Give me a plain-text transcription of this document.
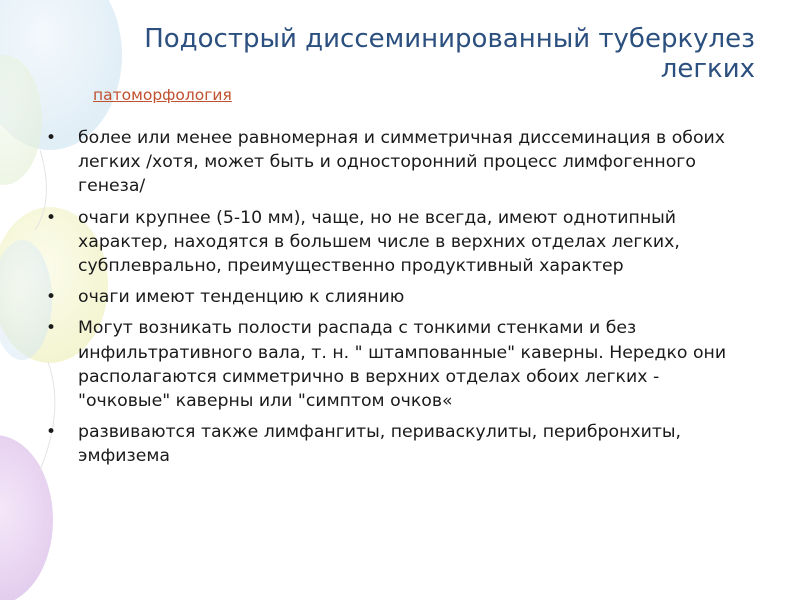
Подострый диссеминированный туберкулез легких
патоморфология
•	более или менее равномерная и симметричная диссеминация в обоих легких /хотя, может быть и односторонний процесс лимфогенного генеза/
•	очаги крупнее (5-10 мм), чаще, но не всегда, имеют однотипный характер, находятся в большем числе в верхних отделах легких, субплеврально, преимущественно продуктивный характер
•	очаги имеют тенденцию к слиянию
•	Могут возникать полости распада с тонкими стенками и без инфильтративного вала, т. н. " штампованные" каверны. Нередко они располагаются симметрично в верхних отделах обоих легких - "очковые" каверны или "симптом очков«
•	развиваются также лимфангиты, периваскулиты, перибронхиты, эмфизема
